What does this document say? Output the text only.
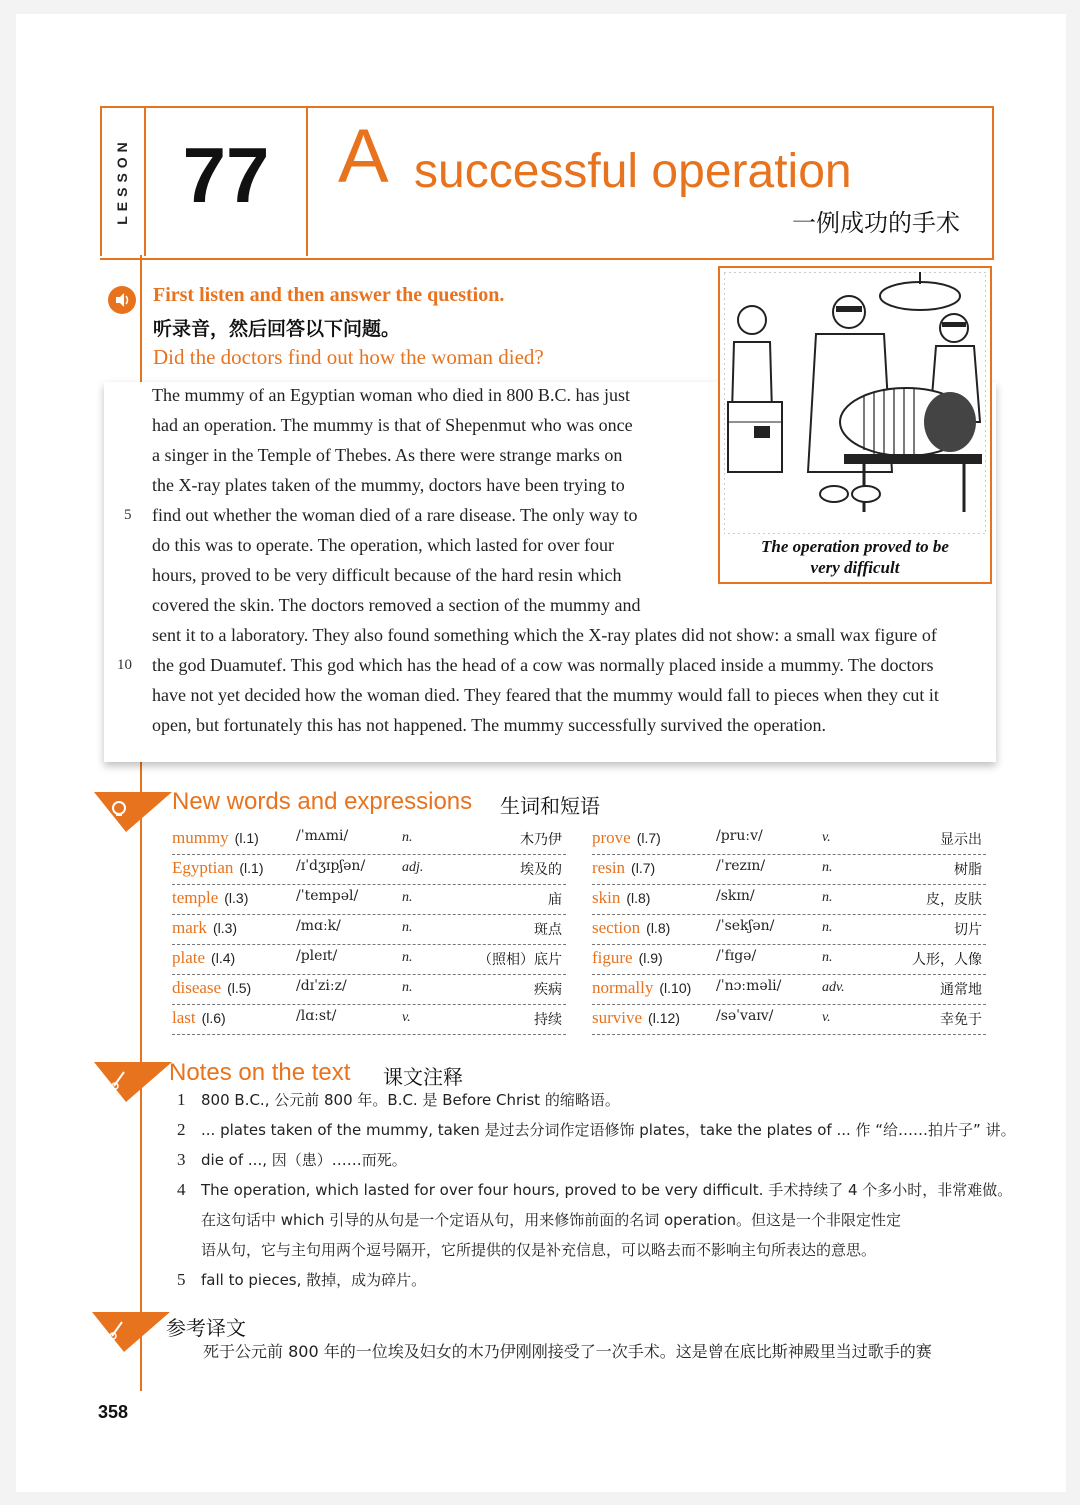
LESSON 77 A successful operation
一例成功的手术
First listen and then answer the question.
听录音，然后回答以下问题。
Did the doctors find out how the woman died?
The mummy of an Egyptian woman who died in 800 B.C. has just
had an operation. The mummy is that of Shepenmut who was once
a singer in the Temple of Thebes. As there were strange marks on
the X-ray plates taken of the mummy, doctors have been trying to
find out whether the woman died of a rare disease. The only way to
do this was to operate. The operation, which lasted for over four
hours, proved to be very difficult because of the hard resin which
covered the skin. The doctors removed a section of the mummy and
sent it to a laboratory. They also found something which the X-ray plates did not show: a small wax figure of
the god Duamutef. This god which has the head of a cow was normally placed inside a mummy. The doctors
have not yet decided how the woman died. They feared that the mummy would fall to pieces when they cut it
open, but fortunately this has not happened. The mummy successfully survived the operation.
5
10
The operation proved to be
very difficult
New words and expressions 生词和短语
mummy (l.1)	/ˈmʌmi/	n.	木乃伊
Egyptian (l.1) /ɪˈdʒɪpʃən/	adj.	埃及的
temple (l.3)	/ˈtempəl/	n.	庙
mark (l.3)	/mɑːk/	n.	斑点
plate (l.4)	/pleɪt/	n.	（照相）底片
disease (l.5)	/dɪˈziːz/	n.	疾病
last (l.6)	/lɑːst/	v.	持续
prove (l.7)	/pruːv/	v.	显示出
resin (l.7)	/ˈrezɪn/	n.	树脂
skin (l.8)	/skɪn/	n.	皮，皮肤
section (l.8)	/ˈsekʃən/	n.	切片
figure (l.9)	/ˈfɪgə/	n.	人形，人像
normally (l.10) /ˈnɔːməli/	adv.	通常地
survive (l.12)	/səˈvaɪv/	v.	幸免于
Notes on the text 课文注释
1 800 B.C., 公元前 800 年。B.C. 是 Before Christ 的缩略语。
2 ... plates taken of the mummy, taken 是过去分词作定语修饰 plates，take the plates of ... 作 “给……拍片子” 讲。
3 die of ..., 因（患）……而死。
4 The operation, which lasted for over four hours, proved to be very difficult. 手术持续了 4 个多小时，非常难做。
在这句话中 which 引导的从句是一个定语从句，用来修饰前面的名词 operation。但这是一个非限定性定
语从句，它与主句用两个逗号隔开，它所提供的仅是补充信息，可以略去而不影响主句所表达的意思。
5 fall to pieces, 散掉，成为碎片。
参考译文
死于公元前 800 年的一位埃及妇女的木乃伊刚刚接受了一次手术。这是曾在底比斯神殿里当过歌手的赛
358
